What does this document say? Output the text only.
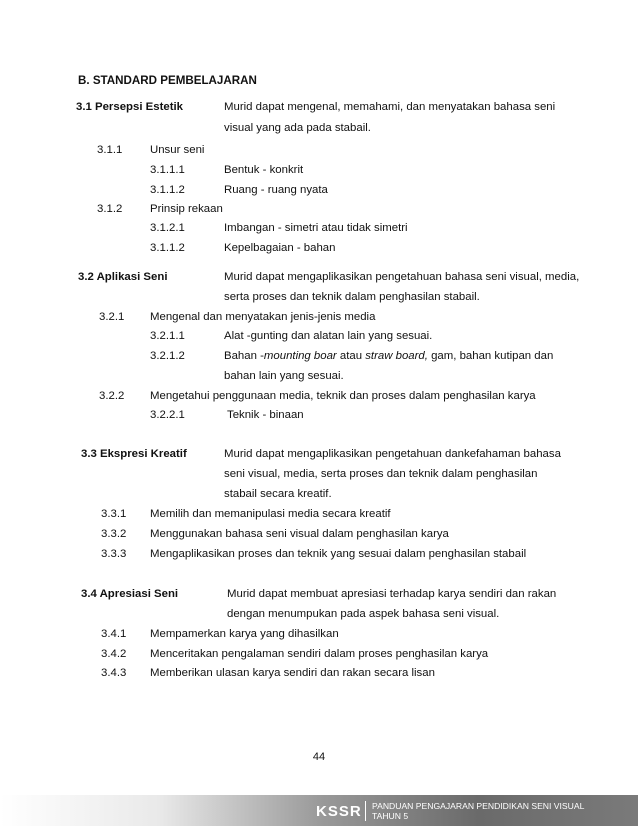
B. STANDARD PEMBELAJARAN
3.1 Persepsi Estetik	Murid dapat mengenal, memahami, dan menyatakan bahasa seni
visual yang ada pada stabail.
3.1.1 Unsur seni
3.1.1.1	Bentuk - konkrit
3.1.1.2	Ruang - ruang nyata
3.1.2 Prinsip rekaan
3.1.2.1	Imbangan - simetri atau tidak simetri
3.1.1.2	Kepelbagaian - bahan
3.2 Aplikasi Seni	Murid dapat mengaplikasikan pengetahuan bahasa seni visual, media,
serta proses dan teknik dalam penghasilan stabail.
3.2.1 Mengenal dan menyatakan jenis-jenis media
3.2.1.1	Alat -gunting dan alatan lain yang sesuai.
3.2.1.2	Bahan -mounting boar atau straw board, gam, bahan kutipan dan
bahan lain yang sesuai.
3.2.2 Mengetahui penggunaan media, teknik dan proses dalam penghasilan karya
3.2.2.1	Teknik - binaan
3.3 Ekspresi Kreatif	Murid dapat mengaplikasikan pengetahuan dankefahaman bahasa
seni visual, media, serta proses dan teknik dalam penghasilan
stabail secara kreatif.
3.3.1 Memilih dan memanipulasi media secara kreatif
3.3.2 Menggunakan bahasa seni visual dalam penghasilan karya
3.3.3 Mengaplikasikan proses dan teknik yang sesuai dalam penghasilan stabail
3.4 Apresiasi Seni	Murid dapat membuat apresiasi terhadap karya sendiri dan rakan
dengan menumpukan pada aspek bahasa seni visual.
3.4.1 Mempamerkan karya yang dihasilkan
3.4.2 Menceritakan pengalaman sendiri dalam proses penghasilan karya
3.4.3 Memberikan ulasan karya sendiri dan rakan secara lisan
44
KSSR PANDUAN PENGAJARAN PENDIDIKAN SENI VISUAL
TAHUN 5
